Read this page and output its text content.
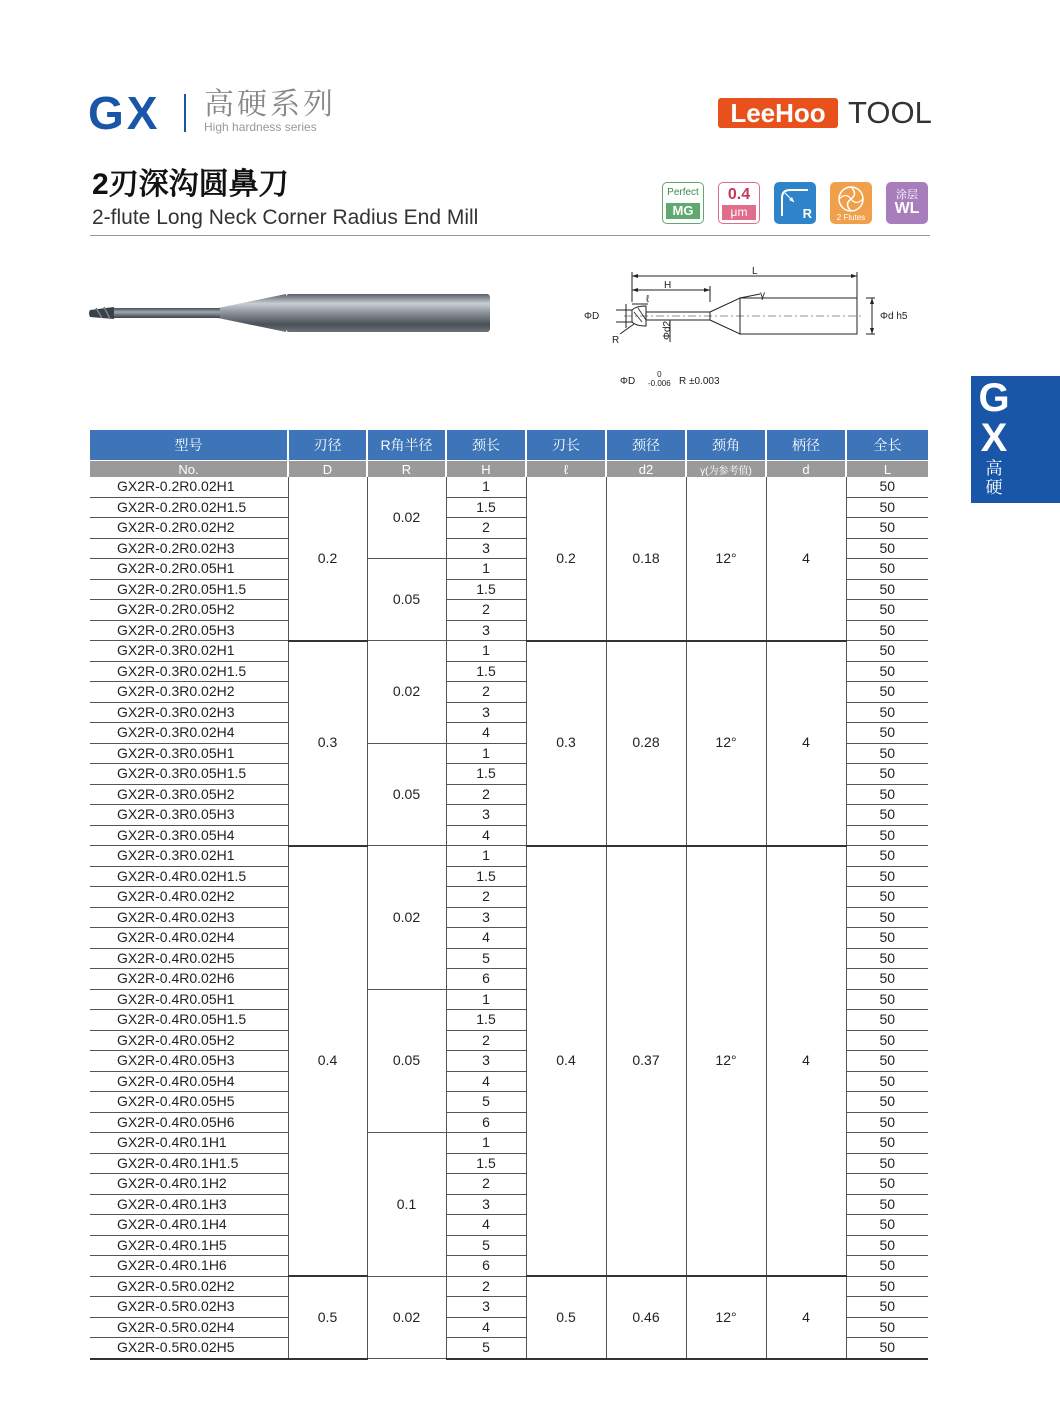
GX 高硬系列
High hardness series	LeeHoo TOOL
2刃深沟圆鼻刀
2-flute Long Neck Corner Radius End Mill
Perfect
MG
0.4
μm	R	2 Flutes
涂层
WL
G
X
高
硬
L
H
ℓ	γ
ΦD
R
Φd2
Φd h5
ΦD
0
-0.006 R ±0.003
型号	刃径	R角半径	颈长	刃长	颈径	颈角	柄径	全长
No.	D	R	H	ℓ	d2	γ(为参考值)	d	L
GX2R-0.2R0.02H1	0.2	0.02	1	0.2	0.18	12°	4	50
GX2R-0.2R0.02H1.5			1.5					50
GX2R-0.2R0.02H2			2					50
GX2R-0.2R0.02H3			3					50
GX2R-0.2R0.05H1		0.05	1					50
GX2R-0.2R0.05H1.5			1.5					50
GX2R-0.2R0.05H2			2					50
GX2R-0.2R0.05H3			3					50
GX2R-0.3R0.02H1	0.3	0.02	1	0.3	0.28	12°	4	50
GX2R-0.3R0.02H1.5			1.5					50
GX2R-0.3R0.02H2			2					50
GX2R-0.3R0.02H3			3					50
GX2R-0.3R0.02H4			4					50
GX2R-0.3R0.05H1		0.05	1					50
GX2R-0.3R0.05H1.5			1.5					50
GX2R-0.3R0.05H2			2					50
GX2R-0.3R0.05H3			3					50
GX2R-0.3R0.05H4			4					50
GX2R-0.3R0.02H1	0.4	0.02	1	0.4	0.37	12°	4	50
GX2R-0.4R0.02H1.5			1.5					50
GX2R-0.4R0.02H2			2					50
GX2R-0.4R0.02H3			3					50
GX2R-0.4R0.02H4			4					50
GX2R-0.4R0.02H5			5					50
GX2R-0.4R0.02H6			6					50
GX2R-0.4R0.05H1		0.05	1					50
GX2R-0.4R0.05H1.5			1.5					50
GX2R-0.4R0.05H2			2					50
GX2R-0.4R0.05H3			3					50
GX2R-0.4R0.05H4			4					50
GX2R-0.4R0.05H5			5					50
GX2R-0.4R0.05H6			6					50
GX2R-0.4R0.1H1		0.1	1					50
GX2R-0.4R0.1H1.5			1.5					50
GX2R-0.4R0.1H2			2					50
GX2R-0.4R0.1H3			3					50
GX2R-0.4R0.1H4			4					50
GX2R-0.4R0.1H5			5					50
GX2R-0.4R0.1H6			6					50
GX2R-0.5R0.02H2	0.5	0.02	2	0.5	0.46	12°	4	50
GX2R-0.5R0.02H3			3					50
GX2R-0.5R0.02H4			4					50
GX2R-0.5R0.02H5			5					50
